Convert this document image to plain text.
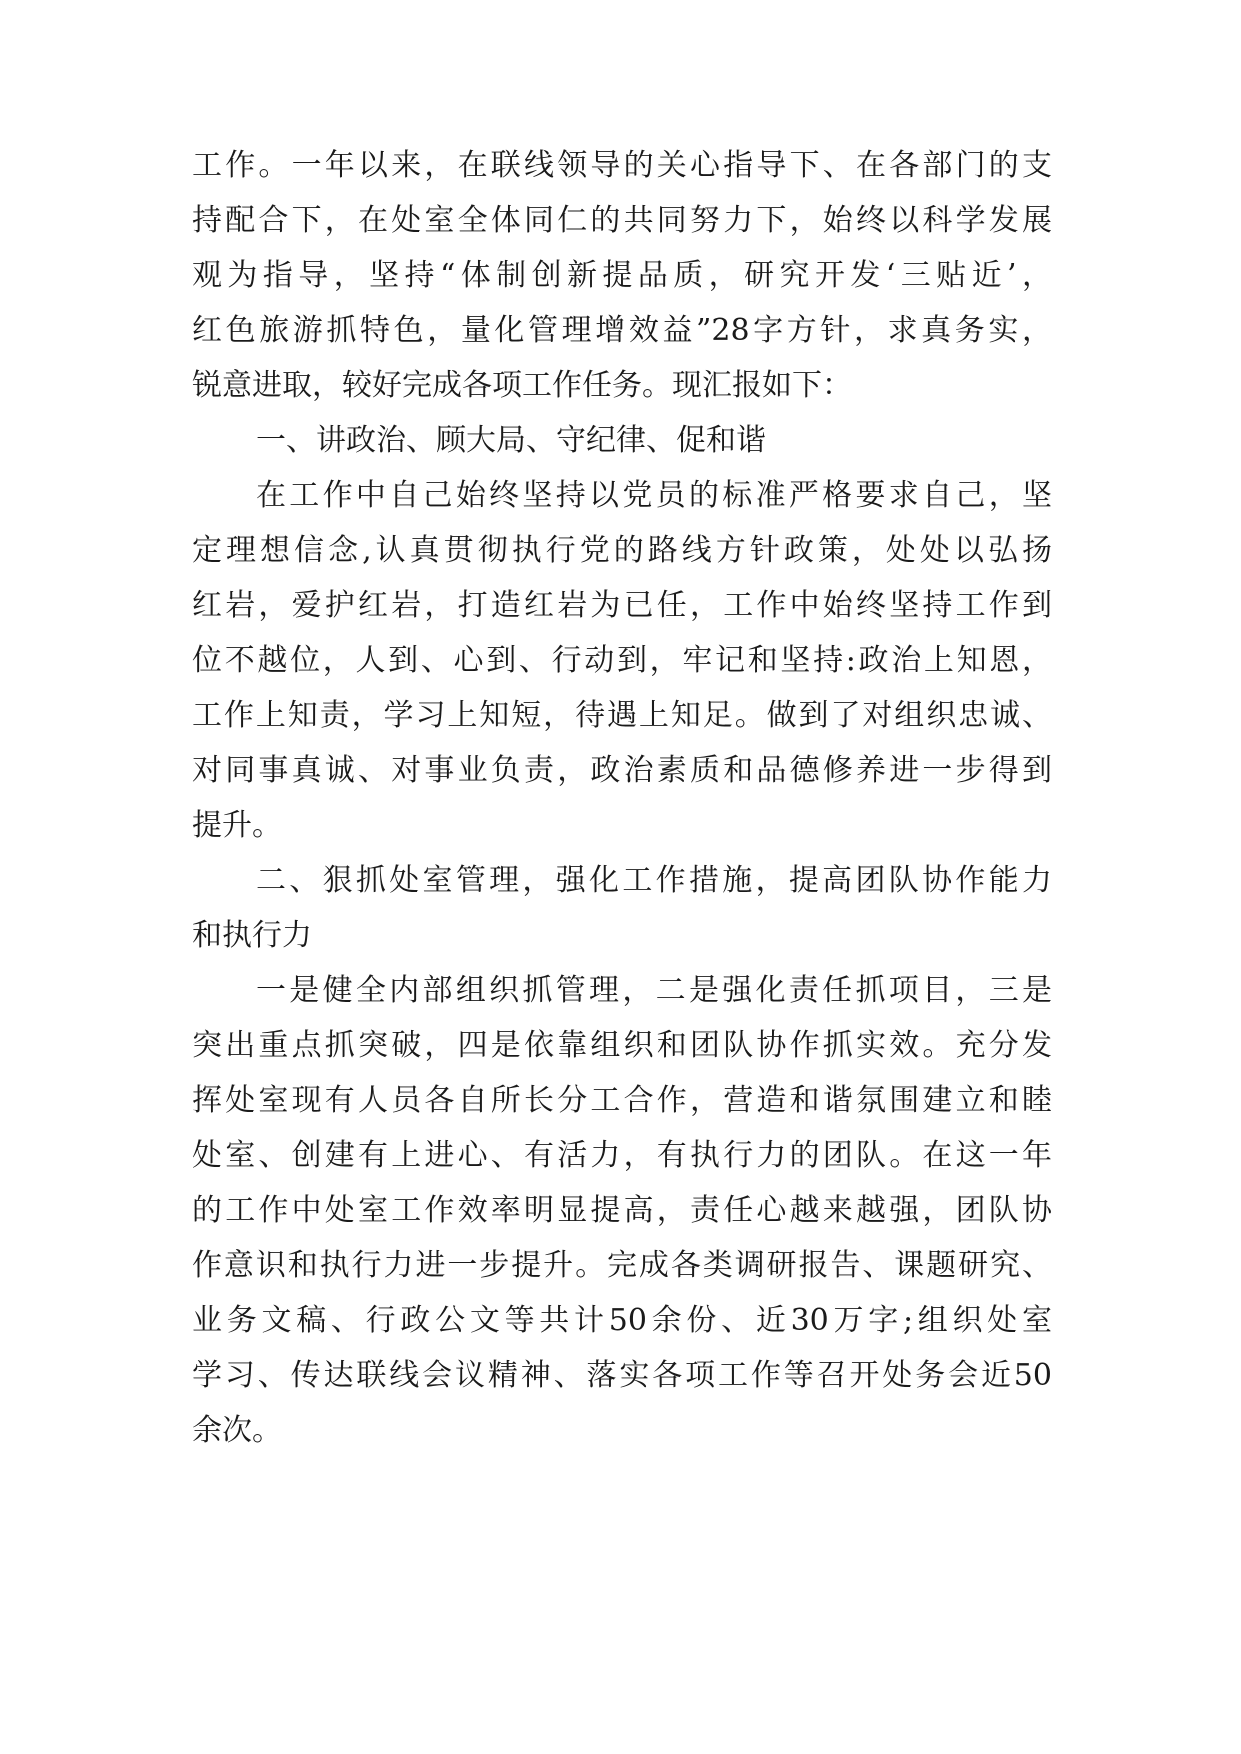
工作。一年以来，在联线领导的关心指导下、在各部门的支
持配合下，在处室全体同仁的共同努力下，始终以科学发展
观为指导，坚持“体制创新提品质，研究开发‘三贴近’，
红色旅游抓特色，量化管理增效益”28字方针，求真务实，
锐意进取，较好完成各项工作任务。现汇报如下：
一、讲政治、顾大局、守纪律、促和谐
在工作中自己始终坚持以党员的标准严格要求自己，坚
定理想信念,认真贯彻执行党的路线方针政策，处处以弘扬
红岩，爱护红岩，打造红岩为已任，工作中始终坚持工作到
位不越位，人到、心到、行动到，牢记和坚持:政治上知恩，
工作上知责，学习上知短，待遇上知足。做到了对组织忠诚、
对同事真诚、对事业负责，政治素质和品德修养进一步得到
提升。
二、狠抓处室管理，强化工作措施，提高团队协作能力
和执行力
一是健全内部组织抓管理，二是强化责任抓项目，三是
突出重点抓突破，四是依靠组织和团队协作抓实效。充分发
挥处室现有人员各自所长分工合作，营造和谐氛围建立和睦
处室、创建有上进心、有活力，有执行力的团队。在这一年
的工作中处室工作效率明显提高，责任心越来越强，团队协
作意识和执行力进一步提升。完成各类调研报告、课题研究、
业务文稿、行政公文等共计50余份、近30万字;组织处室
学习、传达联线会议精神、落实各项工作等召开处务会近50
余次。
